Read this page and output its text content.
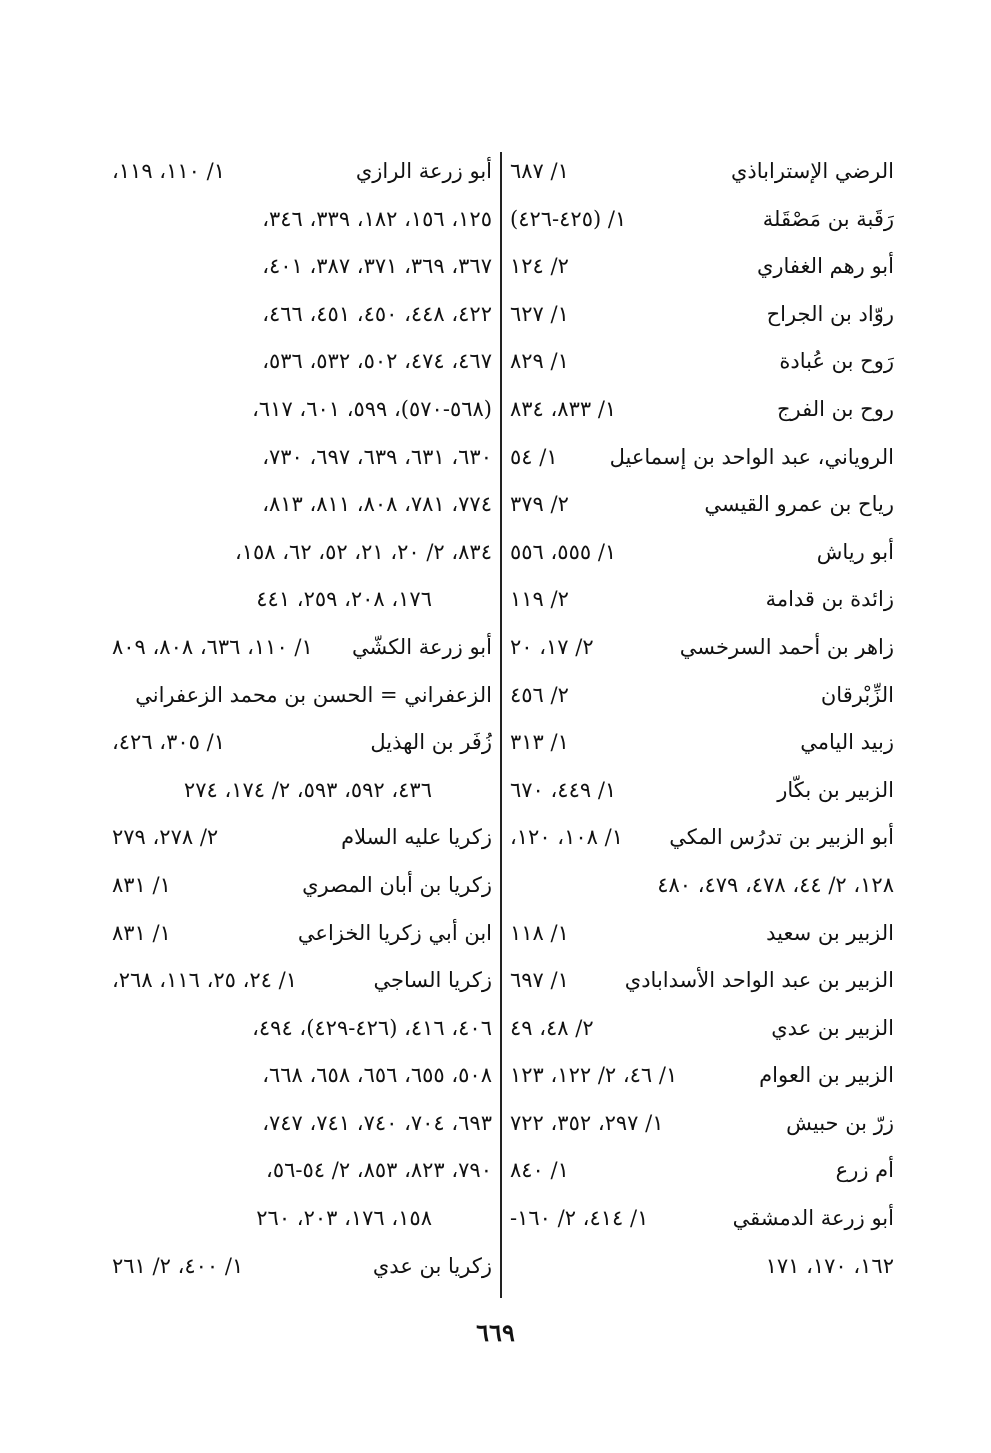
الرضي الإستراباذي
١/ ٦٨٧
رَقَبة بن مَصْقَلة
١/ (٤٢٥-٤٢٦)
أبو رهم الغفاري
٢/ ١٢٤
روّاد بن الجراح
١/ ٦٢٧
رَوح بن عُبادة
١/ ٨٢٩
روح بن الفرج
١/ ٨٣٣، ٨٣٤
الروياني، عبد الواحد بن إسماعيل
١/ ٥٤
رياح بن عمرو القيسي
٢/ ٣٧٩
أبو رياش
١/ ٥٥٥، ٥٥٦
زائدة بن قدامة
٢/ ١١٩
زاهر بن أحمد السرخسي
٢/ ١٧، ٢٠
الزِّبْرقان
٢/ ٤٥٦
زبيد اليامي
١/ ٣١٣
الزبير بن بكّار
١/ ٤٤٩، ٦٧٠
أبو الزبير بن تدرُس المكي
١/ ١٠٨، ١٢٠،
١٢٨، ٢/ ٤٤، ٤٧٨، ٤٧٩، ٤٨٠
الزبير بن سعيد
١/ ١١٨
الزبير بن عبد الواحد الأسدابادي
١/ ٦٩٧
الزبير بن عدي
٢/ ٤٨، ٤٩
الزبير بن العوام
١/ ٤٦، ٢/ ١٢٢، ١٢٣
زرّ بن حبيش
١/ ٢٩٧، ٣٥٢، ٧٢٢
أم زرع
١/ ٨٤٠
أبو زرعة الدمشقي
١/ ٤١٤، ٢/ ١٦٠-
١٦٢، ١٧٠، ١٧١
أبو زرعة الرازي
١/ ١١٠، ١١٩،
١٢٥، ١٥٦، ١٨٢، ٣٣٩، ٣٤٦،
٣٦٧، ٣٦٩، ٣٧١، ٣٨٧، ٤٠١،
٤٢٢، ٤٤٨، ٤٥٠، ٤٥١، ٤٦٦،
٤٦٧، ٤٧٤، ٥٠٢، ٥٣٢، ٥٣٦،
(٥٦٨-٥٧٠)، ٥٩٩، ٦٠١، ٦١٧،
٦٣٠، ٦٣١، ٦٣٩، ٦٩٧، ٧٣٠،
٧٧٤، ٧٨١، ٨٠٨، ٨١١، ٨١٣،
٨٣٤، ٢/ ٢٠، ٢١، ٥٢، ٦٢، ١٥٨،
١٧٦، ٢٠٨، ٢٥٩، ٤٤١
أبو زرعة الكشّي
١/ ١١٠، ٦٣٦، ٨٠٨، ٨٠٩
الزعفراني = الحسن بن محمد الزعفراني
زُفَر بن الهذيل
١/ ٣٠٥، ٤٢٦،
٤٣٦، ٥٩٢، ٥٩٣، ٢/ ١٧٤، ٢٧٤
زكريا عليه السلام
٢/ ٢٧٨، ٢٧٩
زكريا بن أبان المصري
١/ ٨٣١
ابن أبي زكريا الخزاعي
١/ ٨٣١
زكريا الساجي
١/ ٢٤، ٢٥، ١١٦، ٢٦٨،
٤٠٦، ٤١٦، (٤٢٦-٤٢٩)، ٤٩٤،
٥٠٨، ٦٥٥، ٦٥٦، ٦٥٨، ٦٦٨،
٦٩٣، ٧٠٤، ٧٤٠، ٧٤١، ٧٤٧،
٧٩٠، ٨٢٣، ٨٥٣، ٢/ ٥٤-٥٦،
١٥٨، ١٧٦، ٢٠٣، ٢٦٠
زكريا بن عدي
١/ ٤٠٠، ٢/ ٢٦١
٦٦٩
